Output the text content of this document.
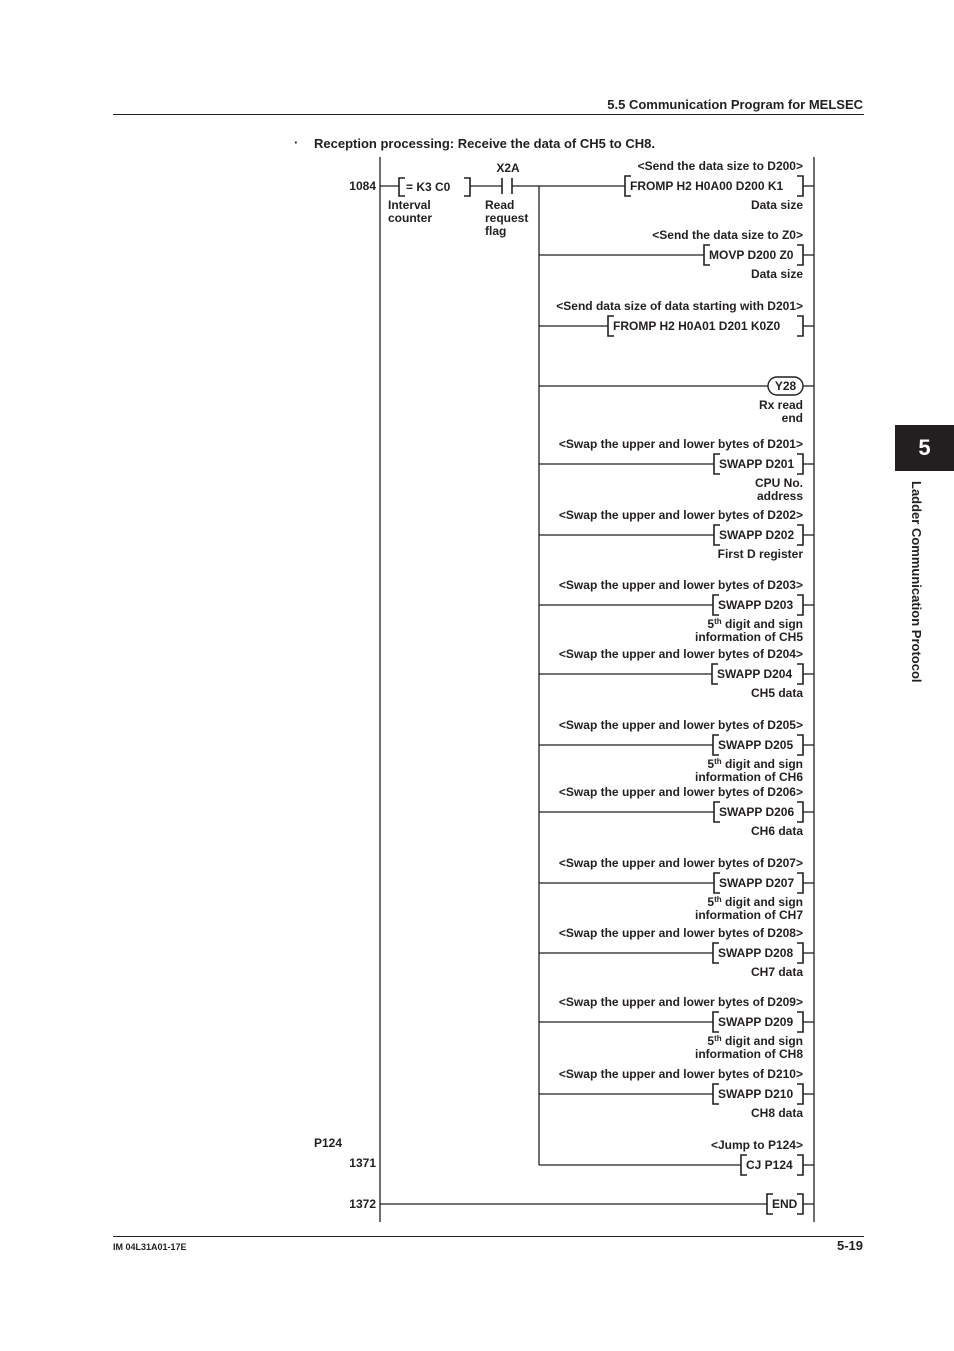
5.5 Communication Program for MELSEC
· Reception processing: Receive the data of CH5 to CH8.
1084
P124
1371
1372
= K3 C0
X2A
Interval
counter
Read
request
flag
<Send the data size to D200>
FROMP H2 H0A00 D200 K1
Data size
<Send the data size to Z0>
MOVP D200 Z0
Data size
<Send data size of data starting with D201>
FROMP H2 H0A01 D201 K0Z0
Y28
Rx read
end
<Swap the upper and lower bytes of D201>
SWAPP D201
CPU No.
address
<Swap the upper and lower bytes of D202>
SWAPP D202
First D register
<Swap the upper and lower bytes of D203>
SWAPP D203
5th digit and sign
information of CH5
<Swap the upper and lower bytes of D204>
SWAPP D204
CH5 data
<Swap the upper and lower bytes of D205>
SWAPP D205
5th digit and sign
information of CH6
<Swap the upper and lower bytes of D206>
SWAPP D206
CH6 data
<Swap the upper and lower bytes of D207>
SWAPP D207
5th digit and sign
information of CH7
<Swap the upper and lower bytes of D208>
SWAPP D208
CH7 data
<Swap the upper and lower bytes of D209>
SWAPP D209
5th digit and sign
information of CH8
<Swap the upper and lower bytes of D210>
SWAPP D210
CH8 data
<Jump to P124>
CJ P124
END
IM 04L31A01-17E	5-19
5
Ladder Communication Protocol
